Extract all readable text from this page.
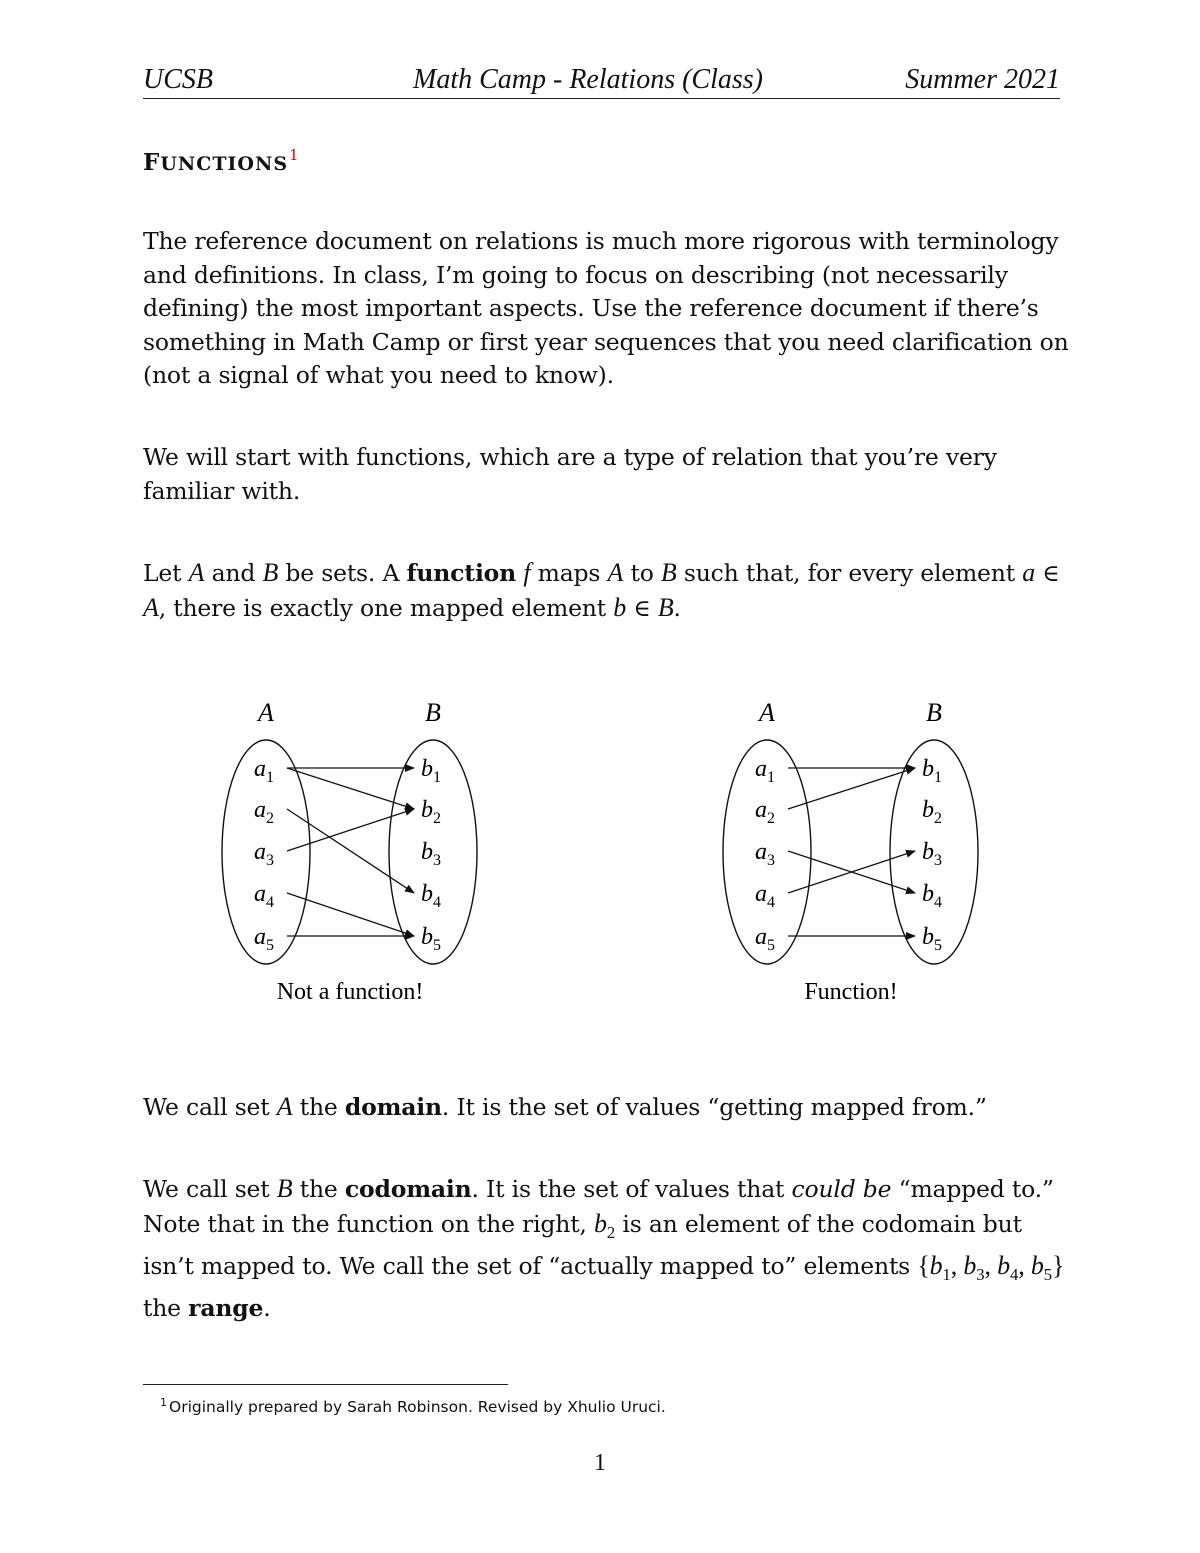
UCSB	Math Camp - Relations (Class)	Summer 2021
FUNCTIONS$^1$
The reference document on relations is much more rigorous with terminology and definitions. In class, I’m going to focus on describing (not necessarily defining) the most important aspects. Use the reference document if there’s something in Math Camp or first year sequences that you need clarification on (not a signal of what you need to know).
We will start with functions, which are a type of relation that you’re very familiar with.
Let A and B be sets. A function f maps A to B such that, for every element a ∈ A, there is exactly one mapped element b ∈ B.
A	B
$a_1$
$a_2$
$a_3$
$a_4$
$a_5$
$b_1$
$b_2$
$b_3$
$b_4$
$b_5$
Not a function!
A	B
$a_1$
$a_2$
$a_3$
$a_4$
$a_5$
$b_1$
$b_2$
$b_3$
$b_4$
$b_5$
Function!
We call set A the domain. It is the set of values “getting mapped from.”
We call set B the codomain. It is the set of values that could be “mapped to.” Note that in the function on the right, $b_2$ is an element of the codomain but isn’t mapped to. We call the set of “actually mapped to” elements {$b_1$, $b_3$, $b_4$, $b_5$} the range.
$^1$ Originally prepared by Sarah Robinson. Revised by Xhulio Uruci.
1
